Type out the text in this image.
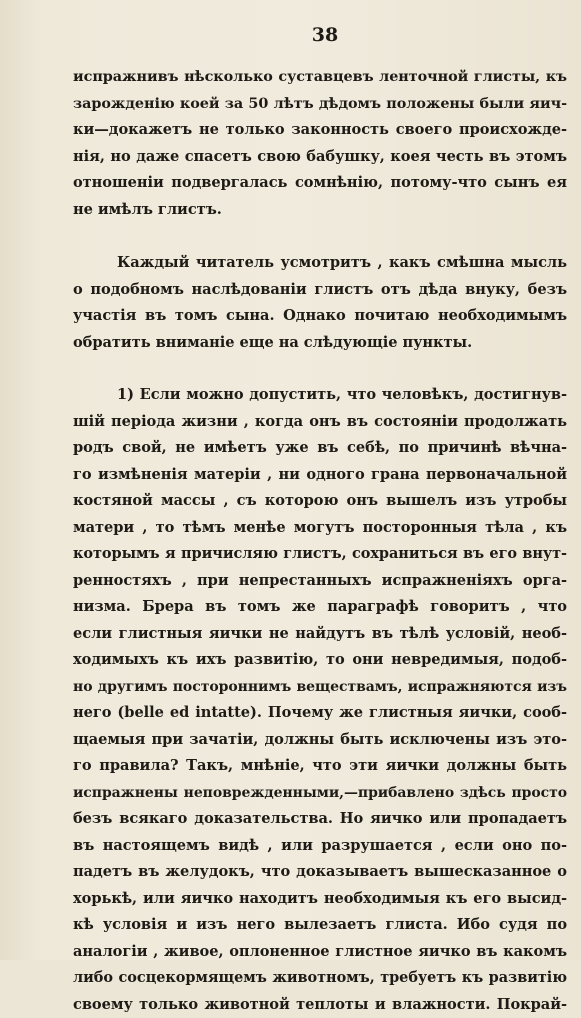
38
испражнивъ нѣсколько суставцевъ ленточной глисты, къ
зарожденію коей за 50 лѣтъ дѣдомъ положены были яич-
ки—докажетъ не только законность своего происхожде-
нія, но даже спасетъ свою бабушку, коея честь въ этомъ
отношеніи подвергалась сомнѣнію, потому-что сынъ ея
не имѣлъ глистъ.
Каждый читатель усмотритъ , какъ смѣшна мысль
о подобномъ наслѣдованіи глистъ отъ дѣда внуку, безъ
участія въ томъ сына. Однако почитаю необходимымъ
обратить вниманіе еще на слѣдующіе пункты.
1) Если можно допустить, что человѣкъ, достигнув-
шій періода жизни , когда онъ въ состояніи продолжать
родъ свой, не имѣетъ уже въ себѣ, по причинѣ вѣчна-
го измѣненія матеріи , ни одного грана первоначальной
костяной массы , съ которою онъ вышелъ изъ утробы
матери , то тѣмъ менѣе могутъ посторонныя тѣла , къ
которымъ я причисляю глистъ, сохраниться въ его внут-
ренностяхъ , при непрестанныхъ испражненіяхъ орга-
низма. Брера въ томъ же параграфѣ говоритъ , что
если глистныя яички не найдутъ въ тѣлѣ условій, необ-
ходимыхъ къ ихъ развитію, то они невредимыя, подоб-
но другимъ постороннимъ веществамъ, испражняются изъ
него (belle ed intatte). Почему же глистныя яички, сооб-
щаемыя при зачатіи, должны быть исключены изъ это-
го правила? Такъ, мнѣніе, что эти яички должны быть
испражнены неповрежденными,—прибавлено здѣсь просто
безъ всякаго доказательства. Но яичко или пропадаетъ
въ настоящемъ видѣ , или разрушается , если оно по-
падетъ въ желудокъ, что доказываетъ вышесказанное о
хорькѣ, или яичко находитъ необходимыя къ его высид-
кѣ условія и изъ него вылезаетъ глиста. Ибо судя по
аналогіи , живое, оплоненное глистное яичко въ какомъ
либо сосцекормящемъ животномъ, требуетъ къ развитію
своему только животной теплоты и влажности. Покрай-
